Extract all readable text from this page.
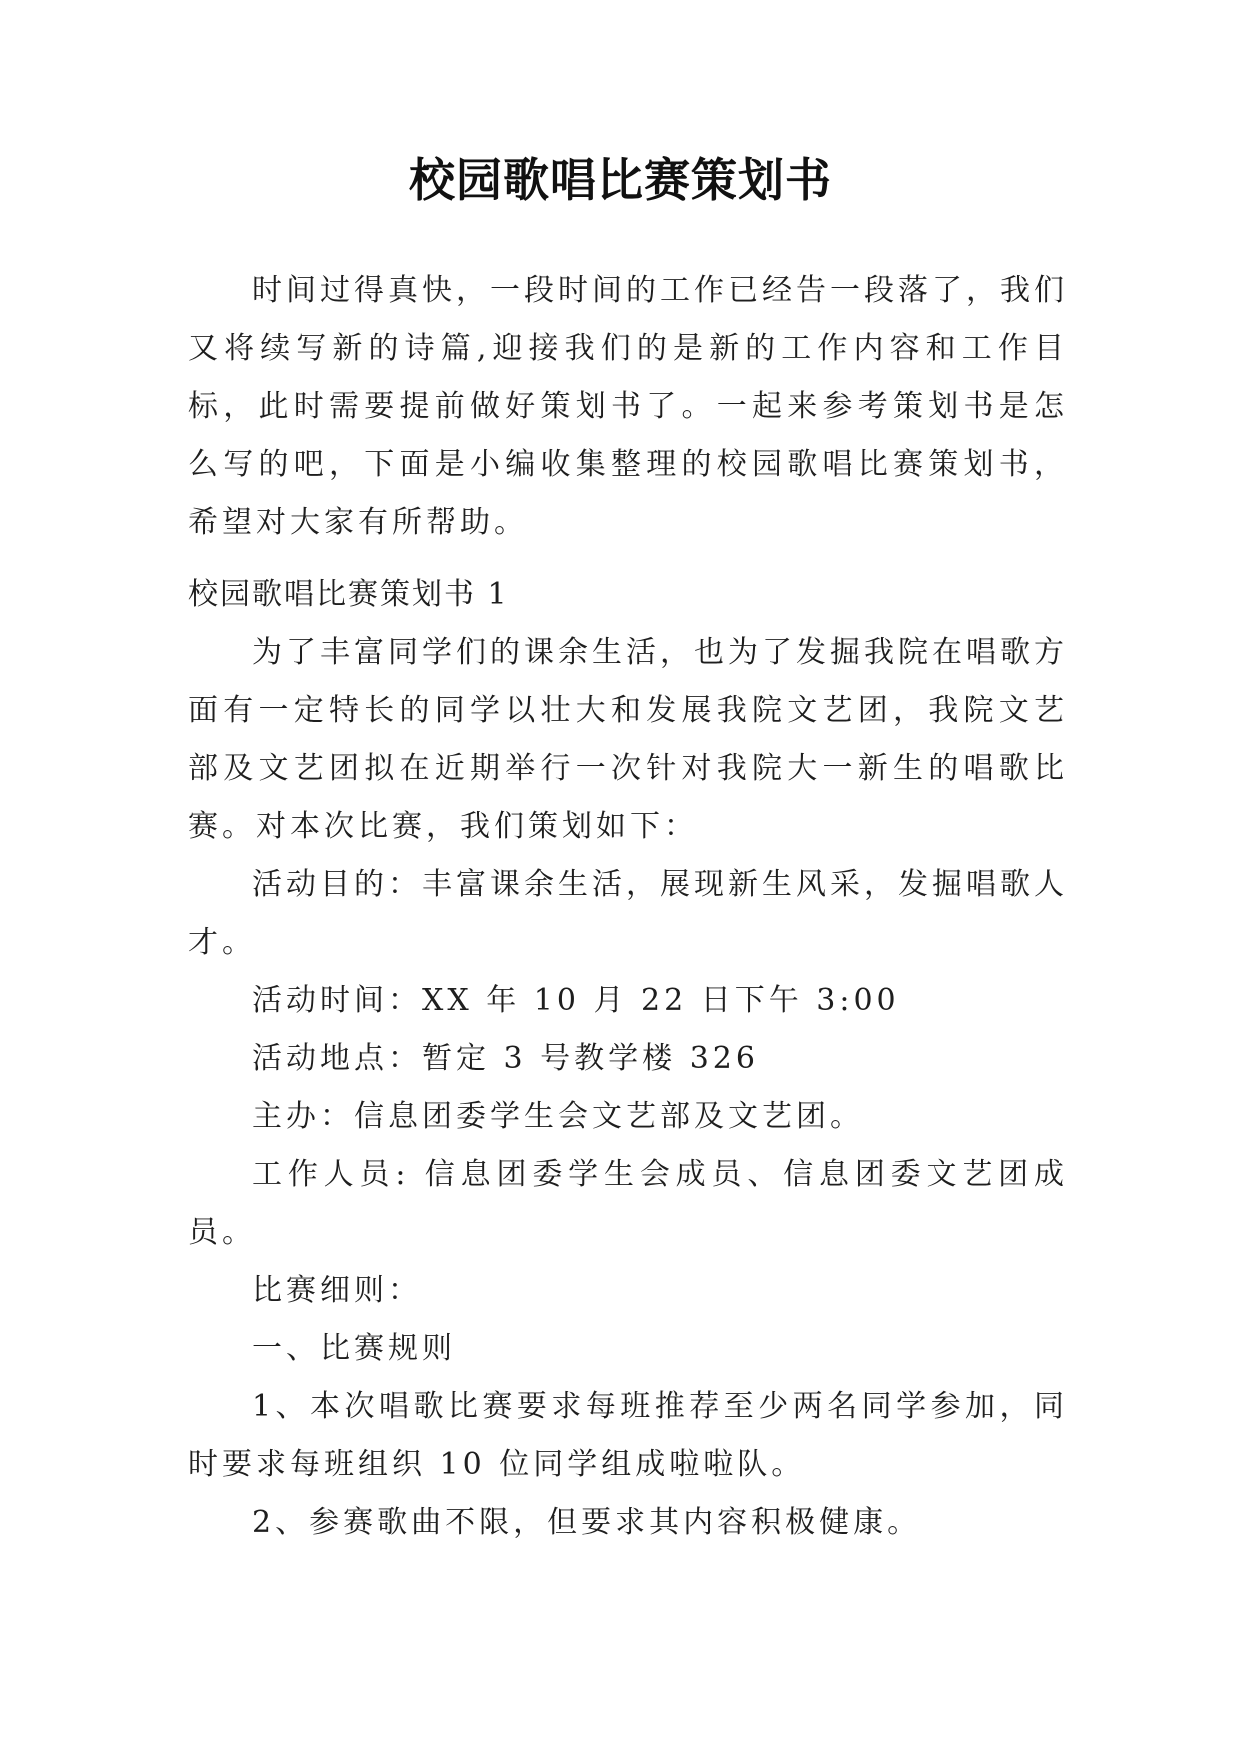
校园歌唱比赛策划书

时间过得真快，一段时间的工作已经告一段落了，我们又将续写新的诗篇,迎接我们的是新的工作内容和工作目标，此时需要提前做好策划书了。一起来参考策划书是怎么写的吧，下面是小编收集整理的校园歌唱比赛策划书，希望对大家有所帮助。

校园歌唱比赛策划书 1

为了丰富同学们的课余生活，也为了发掘我院在唱歌方面有一定特长的同学以壮大和发展我院文艺团，我院文艺部及文艺团拟在近期举行一次针对我院大一新生的唱歌比赛。对本次比赛，我们策划如下：

活动目的：丰富课余生活，展现新生风采，发掘唱歌人才。

活动时间：XX 年 10 月 22 日下午 3:00

活动地点：暂定 3 号教学楼 326

主办：信息团委学生会文艺部及文艺团。

工作人员: 信息团委学生会成员、信息团委文艺团成员。

比赛细则：

一、比赛规则

1、本次唱歌比赛要求每班推荐至少两名同学参加，同时要求每班组织 10 位同学组成啦啦队。

2、参赛歌曲不限，但要求其内容积极健康。
